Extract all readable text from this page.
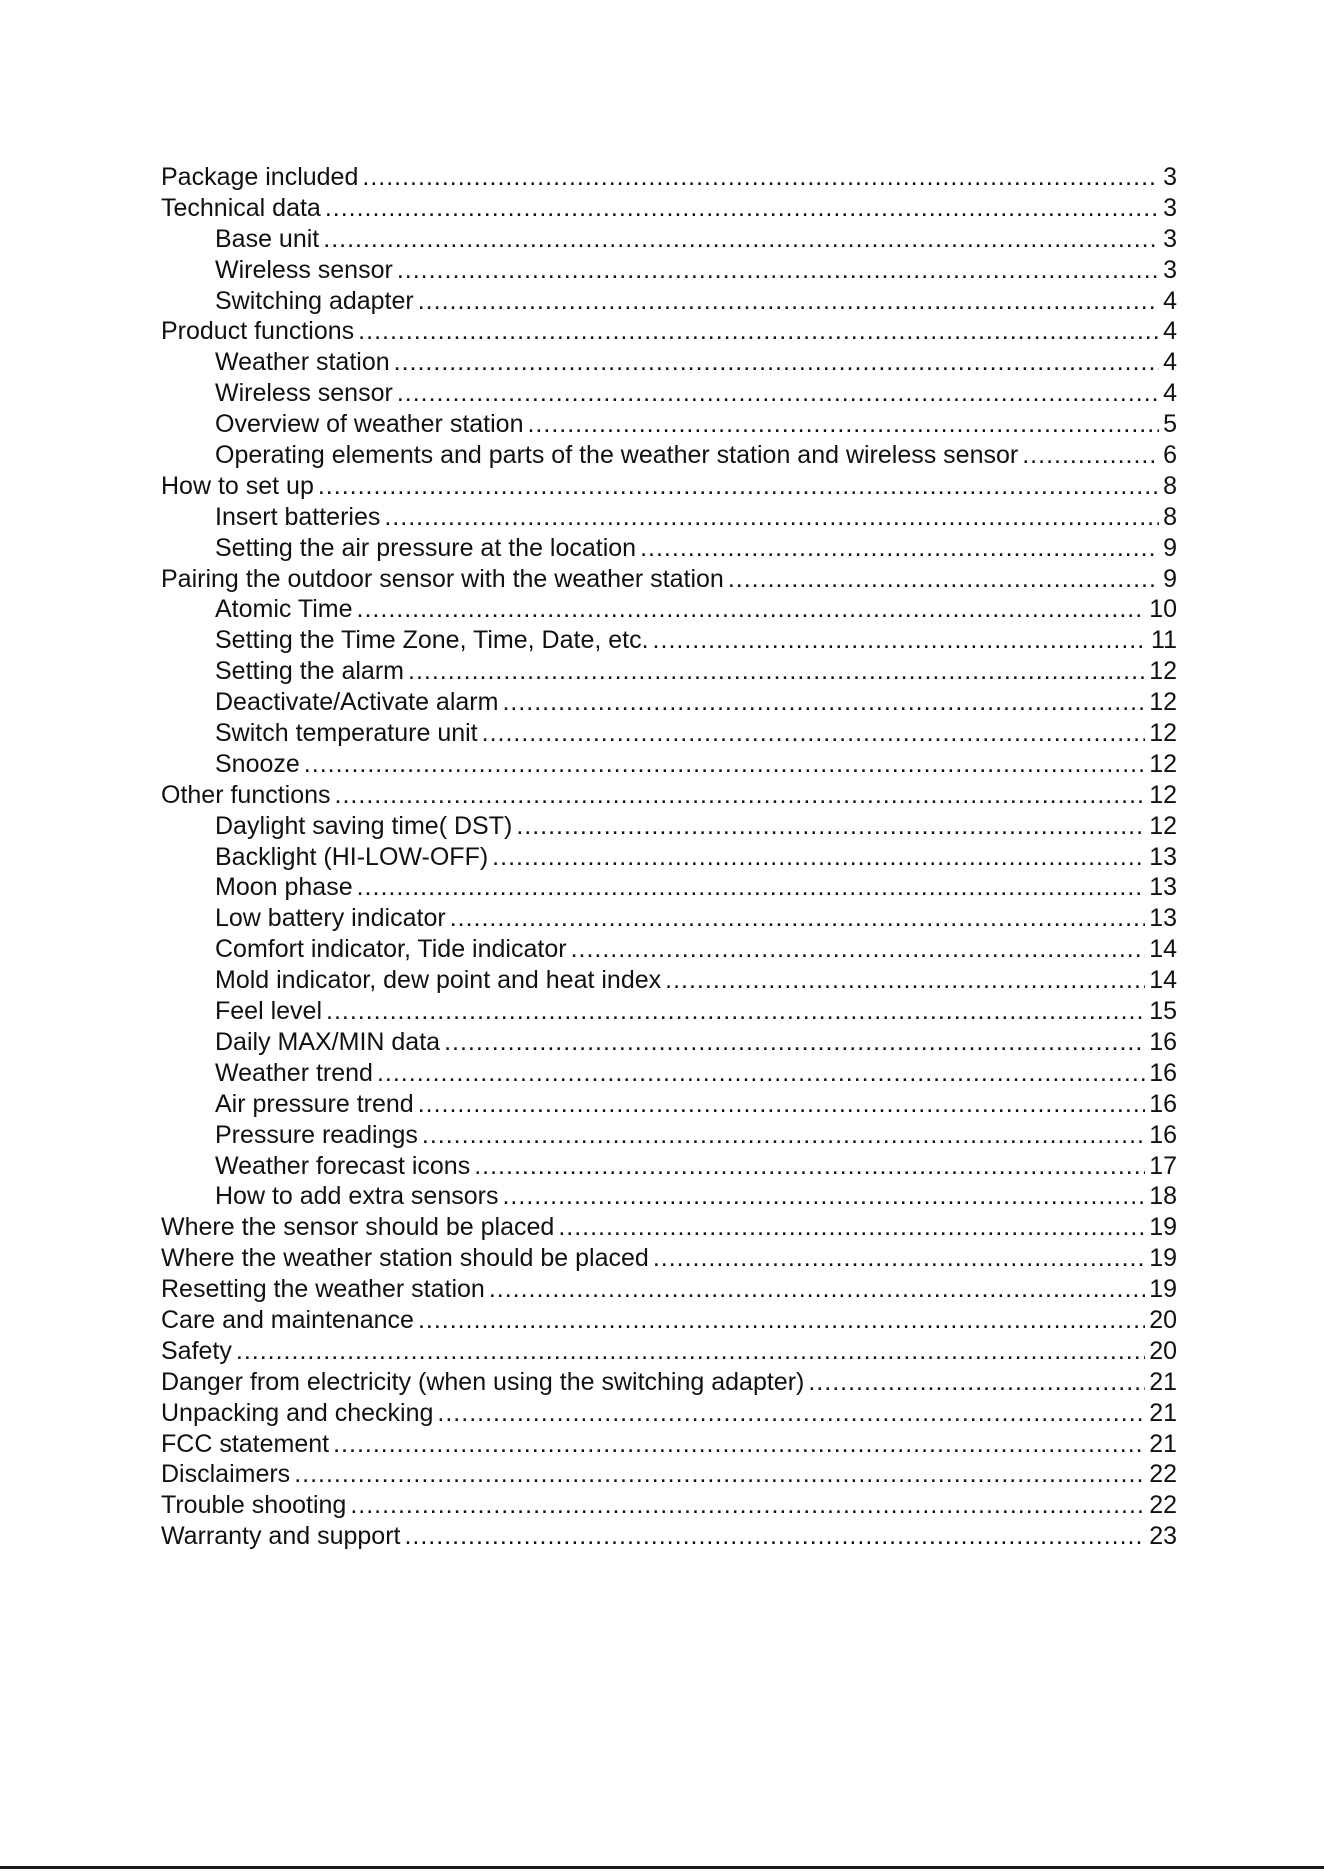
Package included .....	3
Technical data .....	3
Base unit .....	3
Wireless sensor .....	3
Switching adapter .....	4
Product functions .....	4
Weather station .....	4
Wireless sensor .....	4
Overview of weather station .....	5
Operating elements and parts of the weather station and wireless sensor .....	6
How to set up .....	8
Insert batteries .....	8
Setting the air pressure at the location .....	9
Pairing the outdoor sensor with the weather station .....	9
Atomic Time .....	10
Setting the Time Zone, Time, Date, etc. .....	11
Setting the alarm .....	12
Deactivate/Activate alarm .....	12
Switch temperature unit .....	12
Snooze .....	12
Other functions .....	12
Daylight saving time( DST) .....	12
Backlight (HI-LOW-OFF) .....	13
Moon phase .....	13
Low battery indicator .....	13
Comfort indicator, Tide indicator .....	14
Mold indicator, dew point and heat index .....	14
Feel level .....	15
Daily MAX/MIN data .....	16
Weather trend .....	16
Air pressure trend .....	16
Pressure readings .....	16
Weather forecast icons .....	17
How to add extra sensors .....	18
Where the sensor should be placed .....	19
Where the weather station should be placed .....	19
Resetting the weather station .....	19
Care and maintenance .....	20
Safety .....	20
Danger from electricity (when using the switching adapter) .....	21
Unpacking and checking .....	21
FCC statement .....	21
Disclaimers .....	22
Trouble shooting .....	22
Warranty and support .....	23
